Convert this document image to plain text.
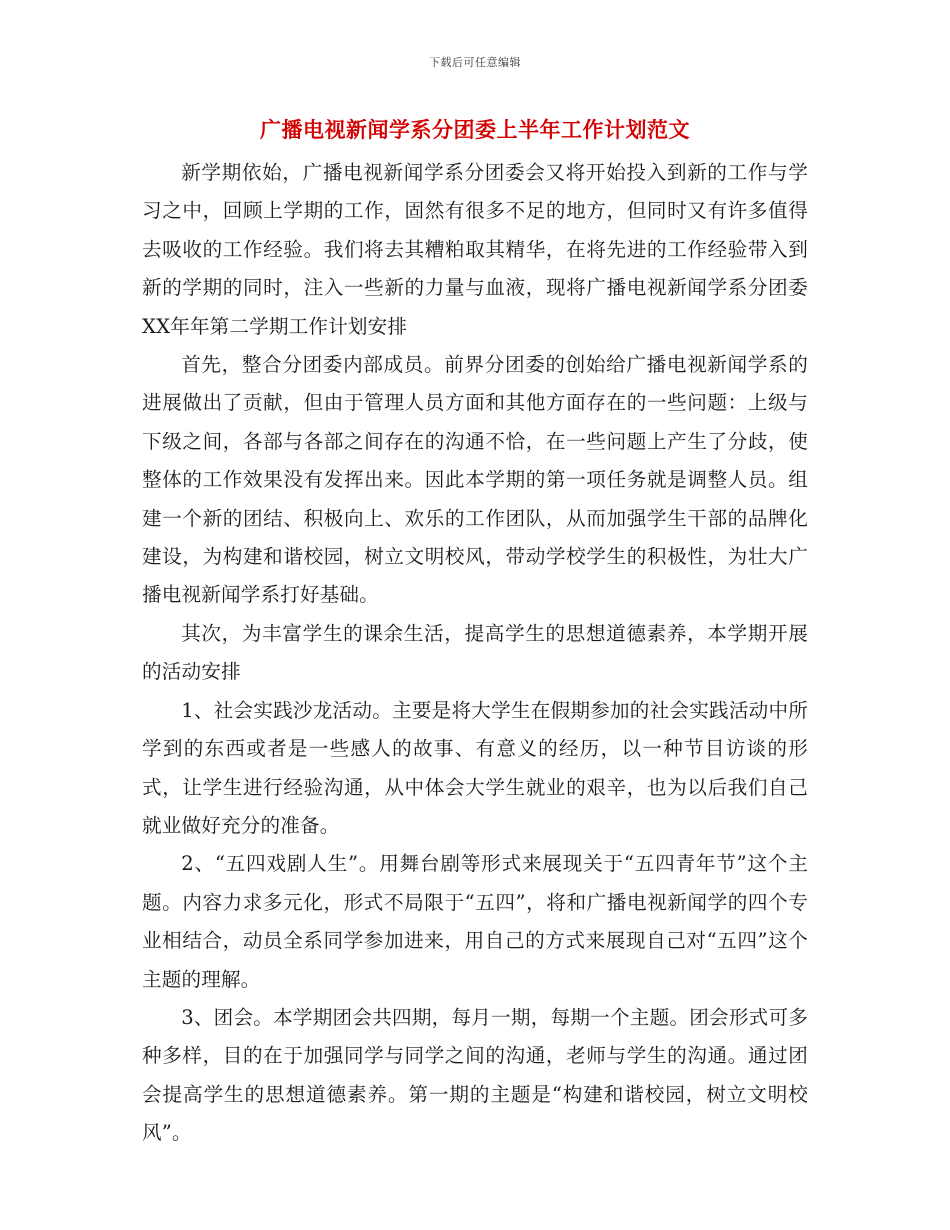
下载后可任意编辑
广播电视新闻学系分团委上半年工作计划范文

新学期依始，广播电视新闻学系分团委会又将开始投入到新的工作与学习之中，回顾上学期的工作，固然有很多不足的地方，但同时又有许多值得去吸收的工作经验。我们将去其糟粕取其精华，在将先进的工作经验带入到新的学期的同时，注入一些新的力量与血液，现将广播电视新闻学系分团委XX年年第二学期工作计划安排

首先，整合分团委内部成员。前界分团委的创始给广播电视新闻学系的进展做出了贡献，但由于管理人员方面和其他方面存在的一些问题：上级与下级之间，各部与各部之间存在的沟通不恰，在一些问题上产生了分歧，使整体的工作效果没有发挥出来。因此本学期的第一项任务就是调整人员。组建一个新的团结、积极向上、欢乐的工作团队，从而加强学生干部的品牌化建设，为构建和谐校园，树立文明校风，带动学校学生的积极性，为壮大广播电视新闻学系打好基础。

其次，为丰富学生的课余生活，提高学生的思想道德素养，本学期开展的活动安排

1、社会实践沙龙活动。主要是将大学生在假期参加的社会实践活动中所学到的东西或者是一些感人的故事、有意义的经历，以一种节目访谈的形式，让学生进行经验沟通，从中体会大学生就业的艰辛，也为以后我们自己就业做好充分的准备。

2、“五四戏剧人生”。用舞台剧等形式来展现关于“五四青年节”这个主题。内容力求多元化，形式不局限于“五四”，将和广播电视新闻学的四个专业相结合，动员全系同学参加进来，用自己的方式来展现自己对“五四”这个主题的理解。

3、团会。本学期团会共四期，每月一期，每期一个主题。团会形式可多种多样，目的在于加强同学与同学之间的沟通，老师与学生的沟通。通过团会提高学生的思想道德素养。第一期的主题是“构建和谐校园，树立文明校风”。
